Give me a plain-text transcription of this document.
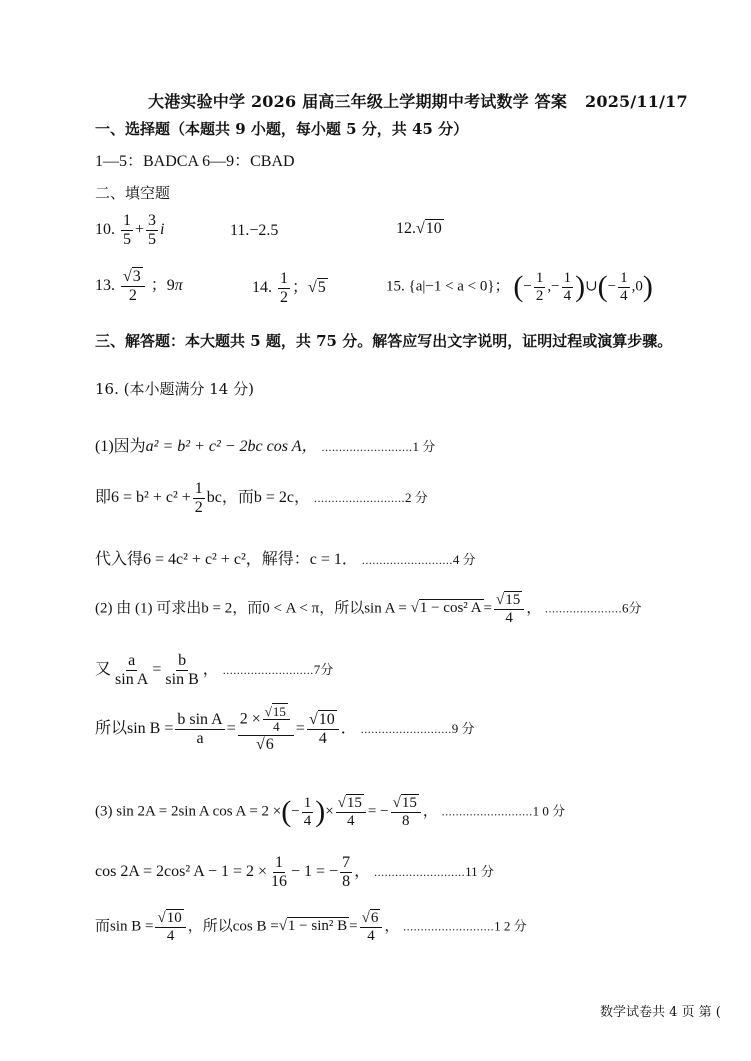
大港实验中学 2026 届高三年级上学期期中考试数学 答案 2025/11/17
一、选择题（本题共 9 小题，每小题 5 分，共 45 分）
1—5：BADCA 6—9：CBAD
二、填空题
10. $\frac{1}{5} + \frac{3}{5}$ i	11.−2.5	12.√10
13. $\frac{√3}{2}$ ；9π	14. $\frac{1}{2}$ ；√5	15. {a|−1 < a < 0}； (− $\frac{1}{2}$ ,− $\frac{1}{4}$ )∪(− $\frac{1}{4} ,0$)
三、解答题：本大题共 5 题，共 75 分。解答应写出文字说明，证明过程或演算步骤。
16. (本小题满分 14 分)
(1)因为a² = b² + c² − 2bc cos A， ..........................1 分
即$6 = b^2 + c^2 + \frac{1}{2}$ bc，而b = 2c， ..........................2 分
代入得6 = 4c² + c² + c²，解得：c = 1． ..........................4 分
(2) 由 (1) 可求出b = 2，而0 < A < π，所以sin A = √1 − cos² $A = \frac{√15}{4}$ ， ......................6分
又 $\frac{a}{\text{sin A}} = \frac{b}{\text{sin B}}$ ， ..........................7分
所以$\sin B = \frac{\text{b sin A}}{a} = \frac{2 \times \frac{√15}{4}}{√6} = \frac{√10}{4}$ ． ..........................9 分
(3) sin 2A = 2sin A cos A = 2 ×(− $\frac{1}{4}$ )× $\frac{√15}{4}$ = − $\frac{√15}{8}$ ， ..........................1 0 分
cos 2A = 2cos² $A - 1 = 2 \times \frac{1}{16} - 1$ = − $\frac{7}{8}$ ， ..........................11 分
而$\sin B = \frac{√10}{4}$ ，所以cos B =√1 − sin² $B = \frac{√6}{4}$ ， ..........................1 2 分
数学试卷共 4 页 第 (
